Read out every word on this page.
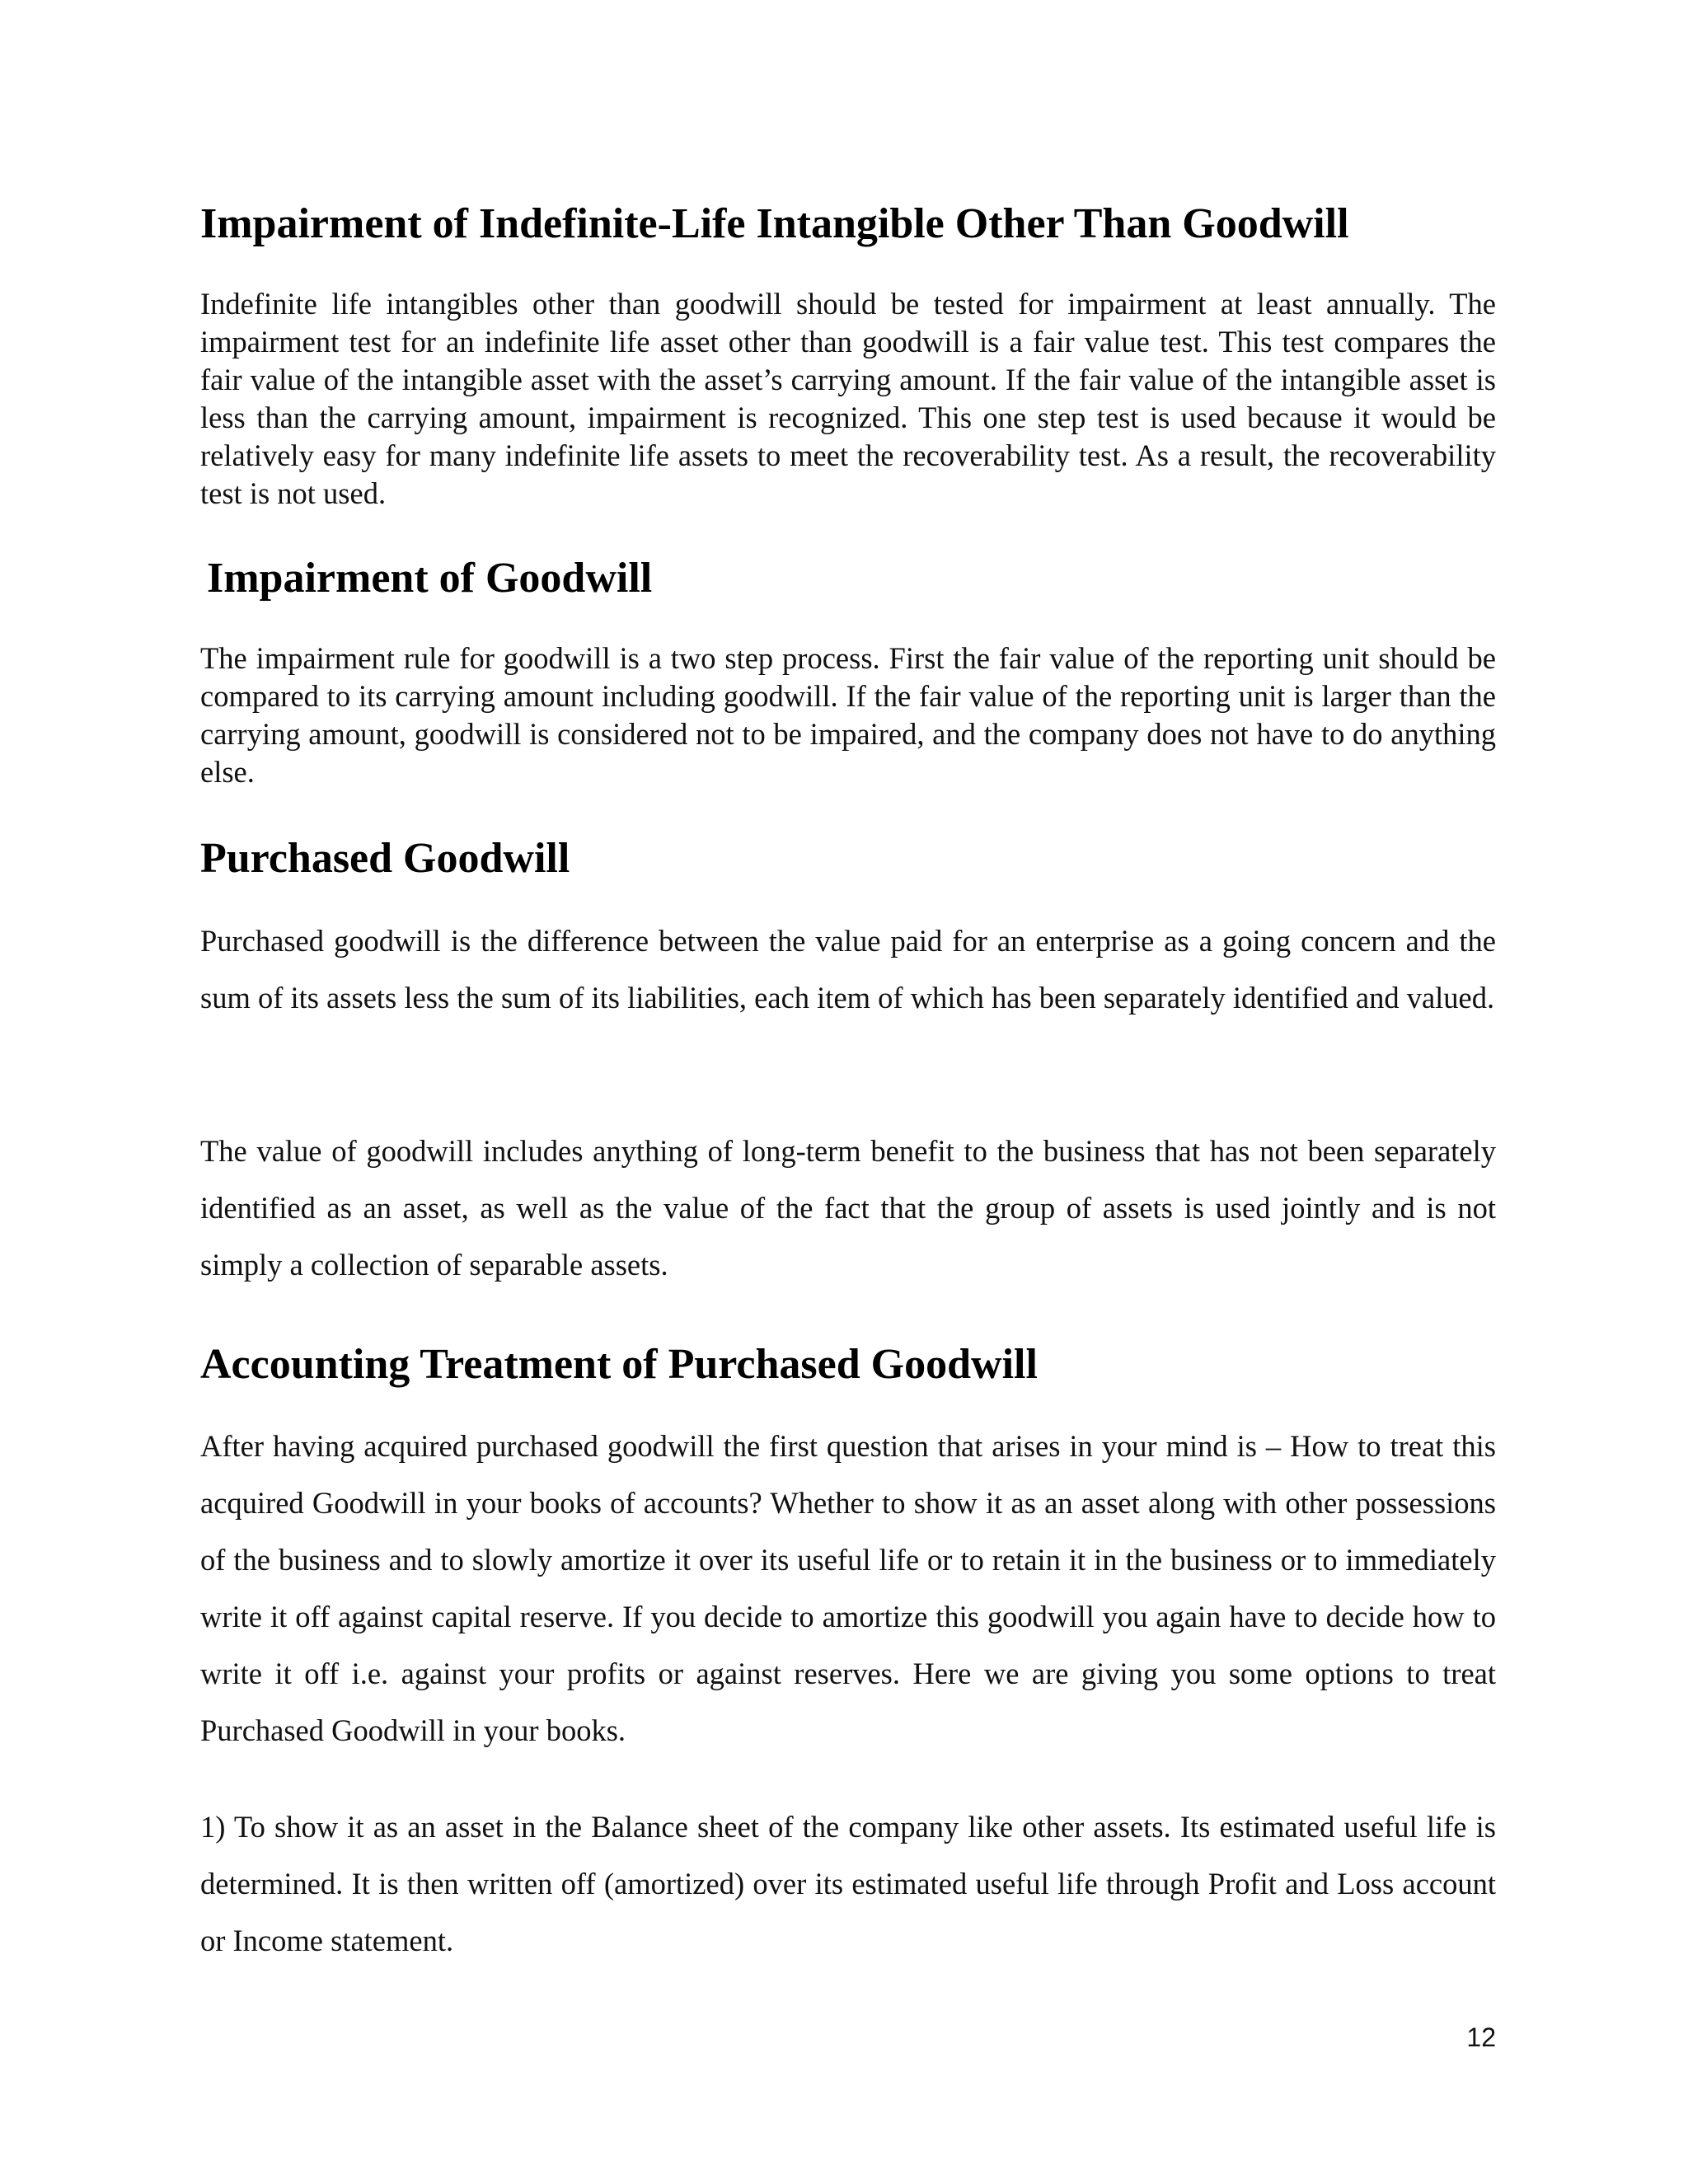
Impairment of Indefinite-Life Intangible Other Than Goodwill

Indefinite life intangibles other than goodwill should be tested for impairment at least annually. The impairment test for an indefinite life asset other than goodwill is a fair value test. This test compares the fair value of the intangible asset with the asset’s carrying amount. If the fair value of the intangible asset is less than the carrying amount, impairment is recognized. This one step test is used because it would be relatively easy for many indefinite life assets to meet the recoverability test. As a result, the recoverability test is not used.

Impairment of Goodwill

The impairment rule for goodwill is a two step process. First the fair value of the reporting unit should be compared to its carrying amount including goodwill. If the fair value of the reporting unit is larger than the carrying amount, goodwill is considered not to be impaired, and the company does not have to do anything else.

Purchased Goodwill

Purchased goodwill is the difference between the value paid for an enterprise as a going concern and the sum of its assets less the sum of its liabilities, each item of which has been separately identified and valued.

The value of goodwill includes anything of long-term benefit to the business that has not been separately identified as an asset, as well as the value of the fact that the group of assets is used jointly and is not simply a collection of separable assets.

Accounting Treatment of Purchased Goodwill

After having acquired purchased goodwill the first question that arises in your mind is – How to treat this acquired Goodwill in your books of accounts? Whether to show it as an asset along with other possessions of the business and to slowly amortize it over its useful life or to retain it in the business or to immediately write it off against capital reserve. If you decide to amortize this goodwill you again have to decide how to write it off i.e. against your profits or against reserves. Here we are giving you some options to treat Purchased Goodwill in your books.

1) To show it as an asset in the Balance sheet of the company like other assets. Its estimated useful life is determined. It is then written off (amortized) over its estimated useful life through Profit and Loss account or Income statement.

12
